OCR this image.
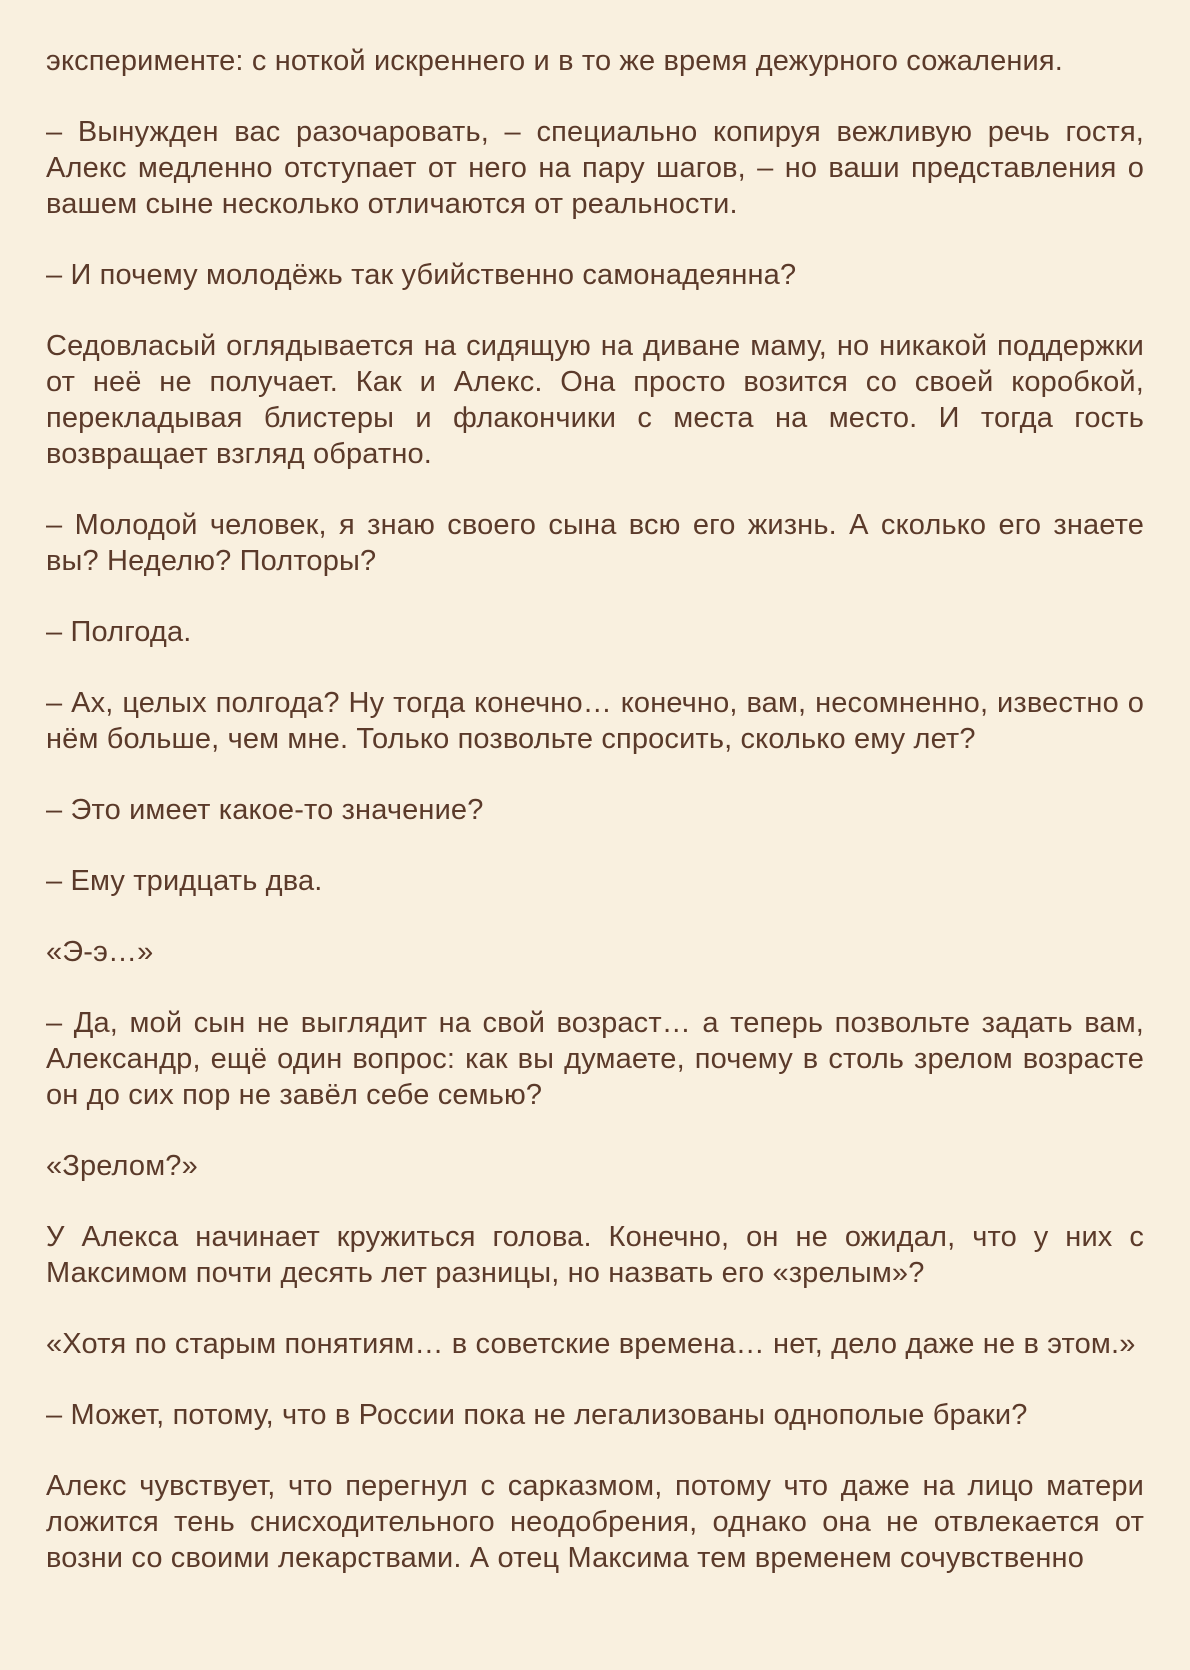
эксперименте: с ноткой искреннего и в то же время дежурного сожаления.

– Вынужден вас разочаровать, – специально копируя вежливую речь гостя, Алекс медленно отступает от него на пару шагов, – но ваши представления о вашем сыне несколько отличаются от реальности.

– И почему молодёжь так убийственно самонадеянна?

Седовласый оглядывается на сидящую на диване маму, но никакой поддержки от неё не получает. Как и Алекс. Она просто возится со своей коробкой, перекладывая блистеры и флакончики с места на место. И тогда гость возвращает взгляд обратно.

– Молодой человек, я знаю своего сына всю его жизнь. А сколько его знаете вы? Неделю? Полторы?

– Полгода.

– Ах, целых полгода? Ну тогда конечно… конечно, вам, несомненно, известно о нём больше, чем мне. Только позвольте спросить, сколько ему лет?

– Это имеет какое-то значение?

– Ему тридцать два.

«Э-э…»

– Да, мой сын не выглядит на свой возраст… а теперь позвольте задать вам, Александр, ещё один вопрос: как вы думаете, почему в столь зрелом возрасте он до сих пор не завёл себе семью?

«Зрелом?»

У Алекса начинает кружиться голова. Конечно, он не ожидал, что у них с Максимом почти десять лет разницы, но назвать его «зрелым»?

«Хотя по старым понятиям… в советские времена… нет, дело даже не в этом.»

– Может, потому, что в России пока не легализованы однополые браки?

Алекс чувствует, что перегнул с сарказмом, потому что даже на лицо матери ложится тень снисходительного неодобрения, однако она не отвлекается от возни со своими лекарствами. А отец Максима тем временем сочувственно
